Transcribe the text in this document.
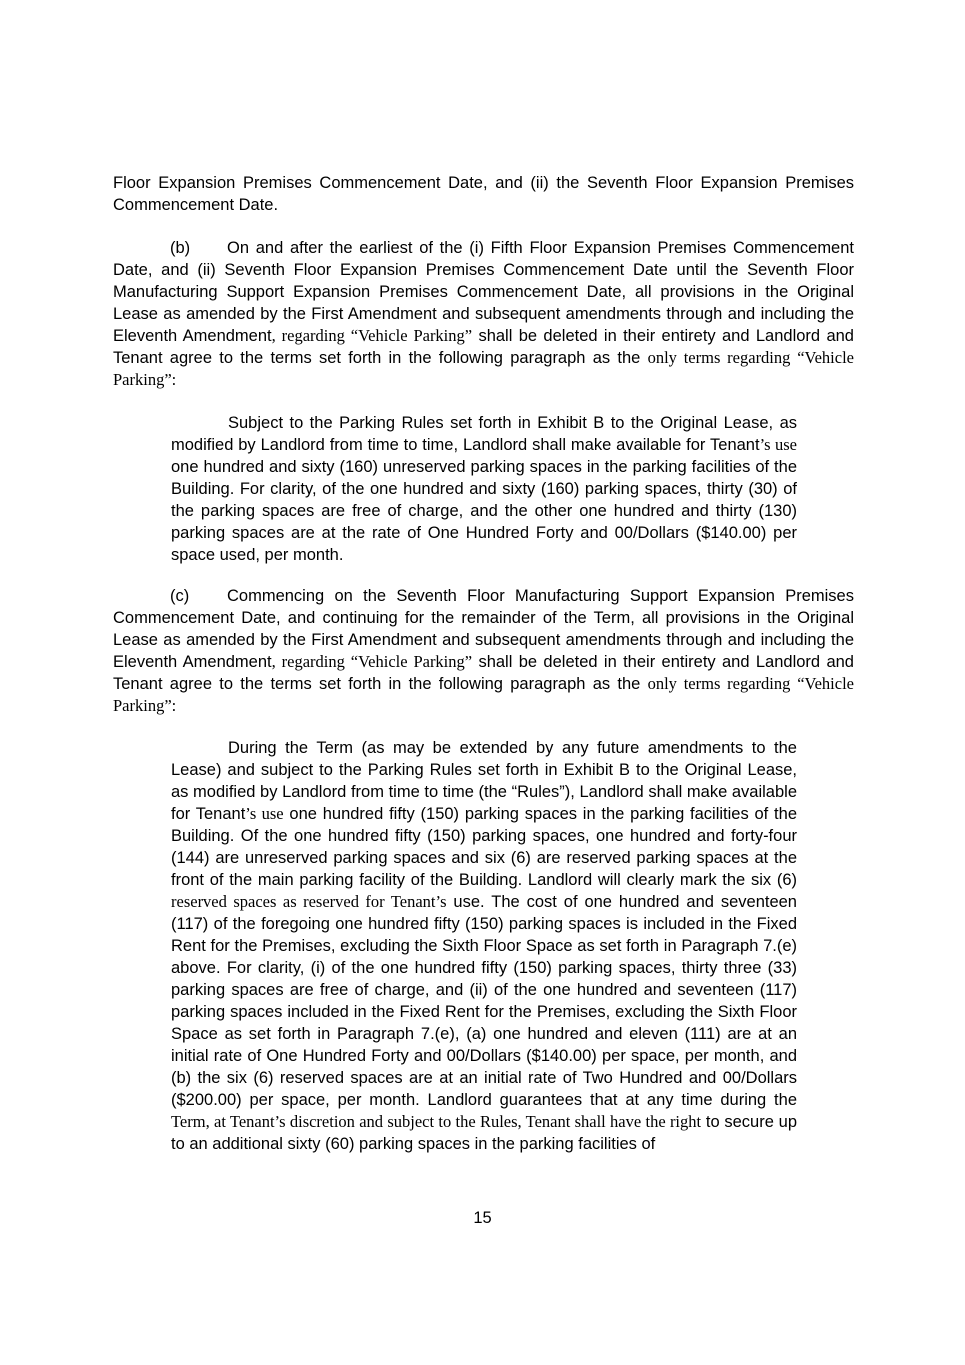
Floor Expansion Premises Commencement Date, and (ii) the Seventh Floor Expansion Premises Commencement Date.

(b) On and after the earliest of the (i) Fifth Floor Expansion Premises Commencement Date, and (ii) Seventh Floor Expansion Premises Commencement Date until the Seventh Floor Manufacturing Support Expansion Premises Commencement Date, all provisions in the Original Lease as amended by the First Amendment and subsequent amendments through and including the Eleventh Amendment, regarding “Vehicle Parking” shall be deleted in their entirety and Landlord and Tenant agree to the terms set forth in the following paragraph as the only terms regarding “Vehicle Parking”:

Subject to the Parking Rules set forth in Exhibit B to the Original Lease, as modified by Landlord from time to time, Landlord shall make available for Tenant’s use one hundred and sixty (160) unreserved parking spaces in the parking facilities of the Building. For clarity, of the one hundred and sixty (160) parking spaces, thirty (30) of the parking spaces are free of charge, and the other one hundred and thirty (130) parking spaces are at the rate of One Hundred Forty and 00/Dollars ($140.00) per space used, per month.

(c) Commencing on the Seventh Floor Manufacturing Support Expansion Premises Commencement Date, and continuing for the remainder of the Term, all provisions in the Original Lease as amended by the First Amendment and subsequent amendments through and including the Eleventh Amendment, regarding “Vehicle Parking” shall be deleted in their entirety and Landlord and Tenant agree to the terms set forth in the following paragraph as the only terms regarding “Vehicle Parking”:

During the Term (as may be extended by any future amendments to the Lease) and subject to the Parking Rules set forth in Exhibit B to the Original Lease, as modified by Landlord from time to time (the “Rules”), Landlord shall make available for Tenant’s use one hundred fifty (150) parking spaces in the parking facilities of the Building. Of the one hundred fifty (150) parking spaces, one hundred and forty-four (144) are unreserved parking spaces and six (6) are reserved parking spaces at the front of the main parking facility of the Building. Landlord will clearly mark the six (6) reserved spaces as reserved for Tenant’s use. The cost of one hundred and seventeen (117) of the foregoing one hundred fifty (150) parking spaces is included in the Fixed Rent for the Premises, excluding the Sixth Floor Space as set forth in Paragraph 7.(e) above. For clarity, (i) of the one hundred fifty (150) parking spaces, thirty three (33) parking spaces are free of charge, and (ii) of the one hundred and seventeen (117) parking spaces included in the Fixed Rent for the Premises, excluding the Sixth Floor Space as set forth in Paragraph 7.(e), (a) one hundred and eleven (111) are at an initial rate of One Hundred Forty and 00/Dollars ($140.00) per space, per month, and (b) the six (6) reserved spaces are at an initial rate of Two Hundred and 00/Dollars ($200.00) per space, per month. Landlord guarantees that at any time during the Term, at Tenant’s discretion and subject to the Rules, Tenant shall have the right to secure up to an additional sixty (60) parking spaces in the parking facilities of

15
